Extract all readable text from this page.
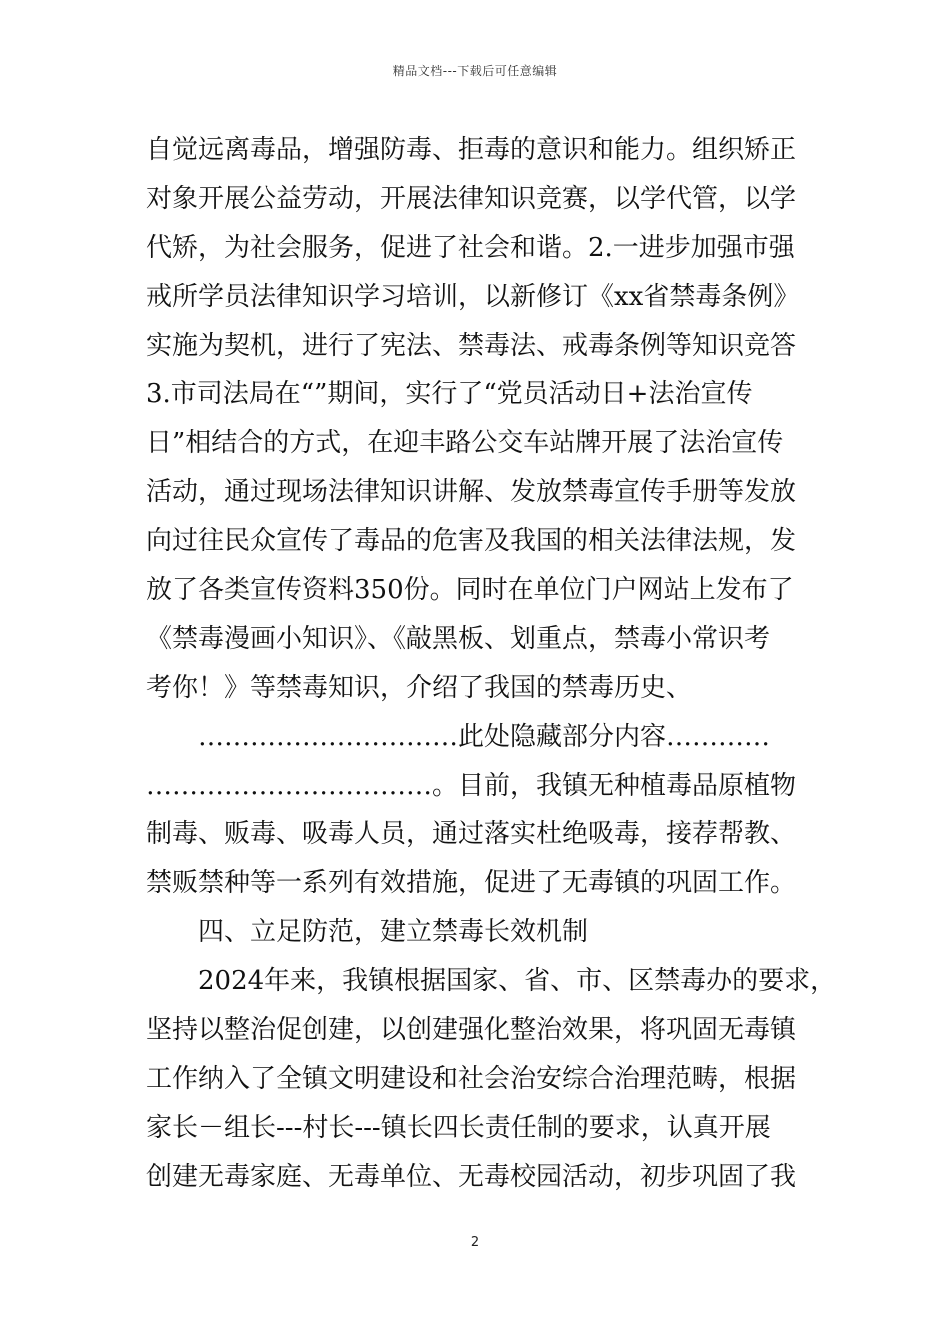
精品文档---下载后可任意编辑
自觉远离毒品，增强防毒、拒毒的意识和能力。组织矫正
对象开展公益劳动，开展法律知识竞赛，以学代管，以学
代矫，为社会服务，促进了社会和谐。2.一进步加强市强
戒所学员法律知识学习培训，以新修订《xx省禁毒条例》
实施为契机，进行了宪法、禁毒法、戒毒条例等知识竞答
3.市司法局在“”期间，实行了“党员活动日+法治宣传
日”相结合的方式，在迎丰路公交车站牌开展了法治宣传
活动，通过现场法律知识讲解、发放禁毒宣传手册等发放
向过往民众宣传了毒品的危害及我国的相关法律法规，发
放了各类宣传资料350份。同时在单位门户网站上发布了
《禁毒漫画小知识》、《敲黑板、划重点，禁毒小常识考
考你！》等禁毒知识，介绍了我国的禁毒历史、
…………………………此处隐藏部分内容…………
……………………………。目前，我镇无种植毒品原植物
制毒、贩毒、吸毒人员，通过落实杜绝吸毒，接荐帮教、
禁贩禁种等一系列有效措施，促进了无毒镇的巩固工作。
四、立足防范，建立禁毒长效机制
2024年来，我镇根据国家、省、市、区禁毒办的要求，
坚持以整治促创建，以创建强化整治效果，将巩固无毒镇
工作纳入了全镇文明建设和社会治安综合治理范畴，根据
家长－组长---村长---镇长四长责任制的要求，认真开展
创建无毒家庭、无毒单位、无毒校园活动，初步巩固了我
2
